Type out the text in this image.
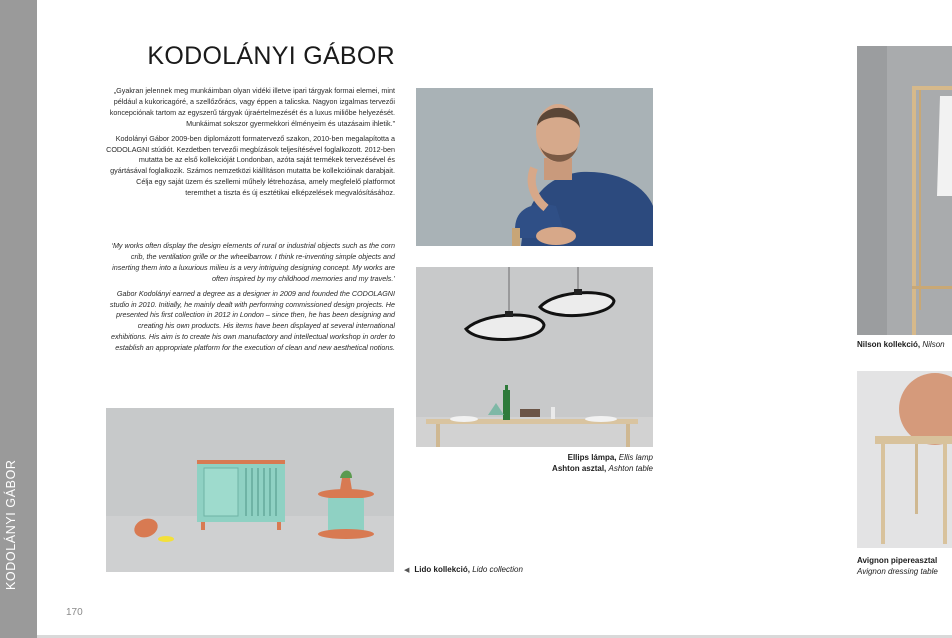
KODOLÁNYI GÁBOR
170
KODOLÁNYI GÁBOR

„Gyakran jelennek meg munkáimban olyan vidéki illetve ipari tárgyak formai elemei, mint például a kukoricagóré, a szellőzőrács, vagy éppen a talicska. Nagyon izgalmas tervezői koncepciónak tartom az egyszerű tárgyak újraértelmezését és a luxus miliőbe helyezését. Munkáimat sokszor gyermekkori élményeim és utazásaim ihletik.”

Kodolányi Gábor 2009-ben diplomázott formatervező szakon, 2010-ben megalapította a CODOLAGNI stúdiót. Kezdetben tervezői megbízások teljesítésével foglalkozott. 2012-ben mutatta be az első kollekcióját Londonban, azóta saját termékek tervezésével és gyártásával foglalkozik. Számos nemzetközi kiállításon mutatta be kollekcióinak darabjait. Célja egy saját üzem és szellemi műhely létrehozása, amely megfelelő platformot teremthet a tiszta és új esztétikai elképzelések megvalósításához.

‘My works often display the design elements of rural or industrial objects such as the corn crib, the ventilation grille or the wheelbarrow. I think re-inventing simple objects and inserting them into a luxurious milieu is a very intriguing designing concept. My works are often inspired by my childhood memories and my travels.’

Gabor Kodolányi earned a degree as a designer in 2009 and founded the CODOLAGNI studio in 2010. Initially, he mainly dealt with performing commissioned design projects. He presented his first collection in 2012 in London – since then, he has been designing and creating his own products. His items have been displayed at several international exhibitions. His aim is to create his own manufactory and intellectual workshop in order to establish an appropriate platform for the execution of clean and new aesthetical notions.

Ellips lámpa, Ellis lamp
Ashton asztal, Ashton table
◀ Lido kollekció, Lido collection
Nilson kollekció, Nilson
Avignon pipereasztal
Avignon dressing table
